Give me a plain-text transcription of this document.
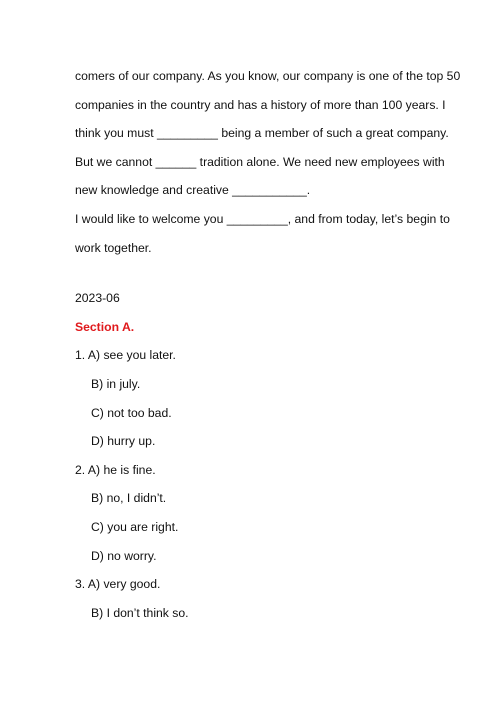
comers of our company. As you know, our company is one of the top 50
companies in the country and has a history of more than 100 years. I
think you must _________ being a member of such a great company.
But we cannot ______ tradition alone. We need new employees with
new knowledge and creative ___________.
I would like to welcome you _________, and from today, let’s begin to
work together.
2023-06
Section A.
1. A) see you later.
B) in july.
C) not too bad.
D) hurry up.
2. A) he is fine.
B) no, I didn’t.
C) you are right.
D) no worry.
3. A) very good.
B) I don’t think so.
